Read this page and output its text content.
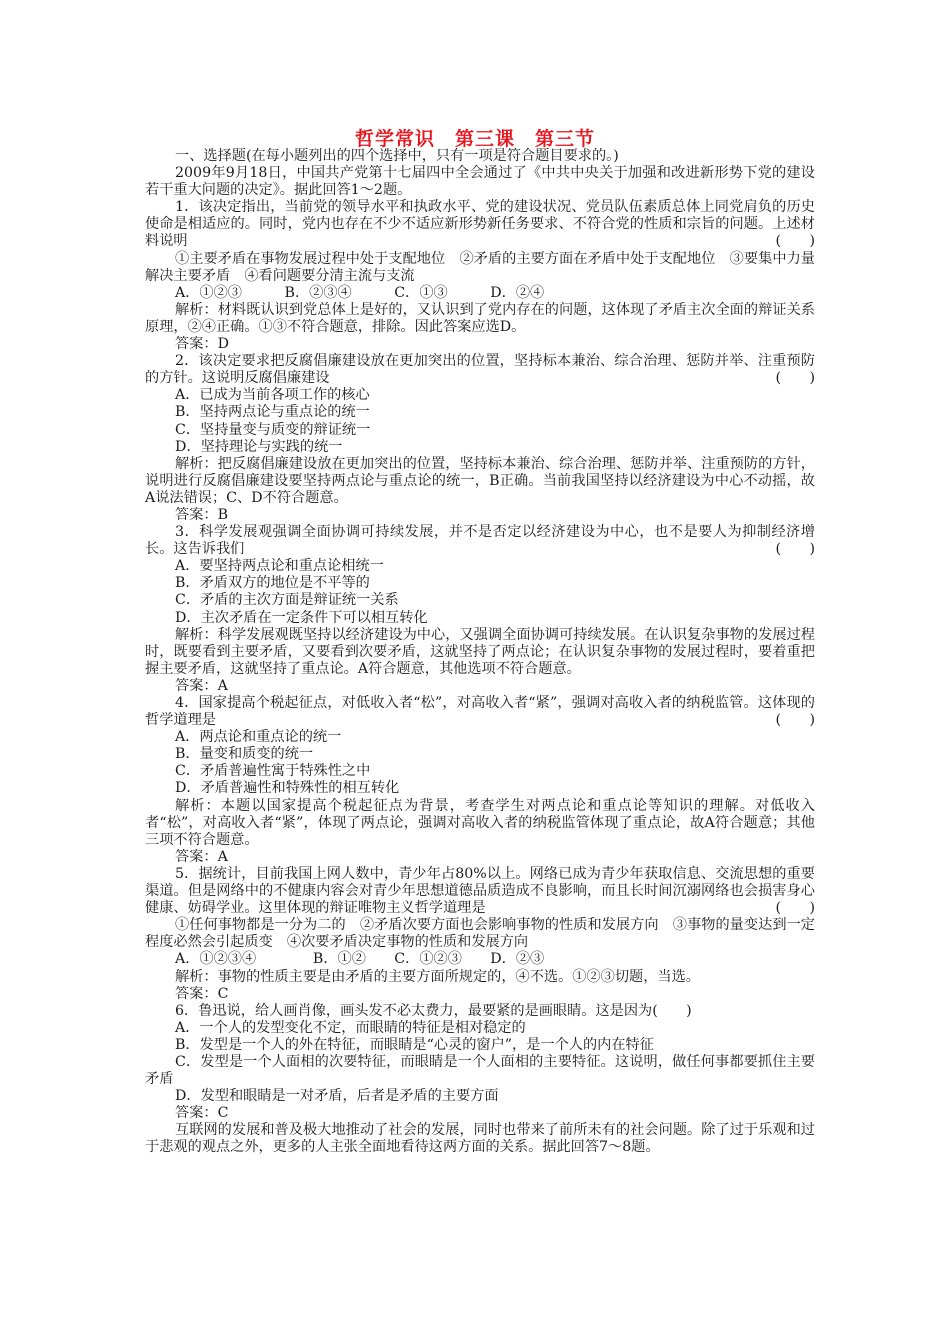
哲学常识　第三课　第三节

一、选择题(在每小题列出的四个选择中，只有一项是符合题目要求的。)

2009年9月18日，中国共产党第十七届四中全会通过了《中共中央关于加强和改进新形势下党的建设若干重大问题的决定》。据此回答1～2题。

1．该决定指出，当前党的领导水平和执政水平、党的建设状况、党员队伍素质总体上同党肩负的历史使命是相适应的。同时，党内也存在不少不适应新形势新任务要求、不符合党的性质和宗旨的问题。上述材料说明	(　　)

①主要矛盾在事物发展过程中处于支配地位　②矛盾的主要方面在矛盾中处于支配地位　③要集中力量解决主要矛盾　④看问题要分清主流与支流

A．①②③　　　B．②③④　　　C．①③　　　D．②④

解析：材料既认识到党总体上是好的，又认识到了党内存在的问题，这体现了矛盾主次全面的辩证关系原理，②④正确。①③不符合题意，排除。因此答案应选D。

答案：D

2．该决定要求把反腐倡廉建设放在更加突出的位置，坚持标本兼治、综合治理、惩防并举、注重预防的方针。这说明反腐倡廉建设	(　　)

A．已成为当前各项工作的核心

B．坚持两点论与重点论的统一

C．坚持量变与质变的辩证统一

D．坚持理论与实践的统一

解析：把反腐倡廉建设放在更加突出的位置，坚持标本兼治、综合治理、惩防并举、注重预防的方针，说明进行反腐倡廉建设要坚持两点论与重点论的统一，B正确。当前我国坚持以经济建设为中心不动摇，故A说法错误；C、D不符合题意。

答案：B

3．科学发展观强调全面协调可持续发展，并不是否定以经济建设为中心，也不是要人为抑制经济增长。这告诉我们	(　　)

A．要坚持两点论和重点论相统一

B．矛盾双方的地位是不平等的

C．矛盾的主次方面是辩证统一关系

D．主次矛盾在一定条件下可以相互转化

解析：科学发展观既坚持以经济建设为中心，又强调全面协调可持续发展。在认识复杂事物的发展过程时，既要看到主要矛盾，又要看到次要矛盾，这就坚持了两点论；在认识复杂事物的发展过程时，要着重把握主要矛盾，这就坚持了重点论。A符合题意，其他选项不符合题意。

答案：A

4．国家提高个税起征点，对低收入者“松”，对高收入者“紧”，强调对高收入者的纳税监管。这体现的哲学道理是	(　　)

A．两点论和重点论的统一

B．量变和质变的统一

C．矛盾普遍性寓于特殊性之中

D．矛盾普遍性和特殊性的相互转化

解析：本题以国家提高个税起征点为背景，考查学生对两点论和重点论等知识的理解。对低收入者“松”，对高收入者“紧”，体现了两点论，强调对高收入者的纳税监管体现了重点论，故A符合题意；其他三项不符合题意。

答案：A

5．据统计，目前我国上网人数中，青少年占80%以上。网络已成为青少年获取信息、交流思想的重要渠道。但是网络中的不健康内容会对青少年思想道德品质造成不良影响，而且长时间沉溺网络也会损害身心健康、妨碍学业。这里体现的辩证唯物主义哲学道理是	(　　)

①任何事物都是一分为二的　②矛盾次要方面也会影响事物的性质和发展方向　③事物的量变达到一定程度必然会引起质变　④次要矛盾决定事物的性质和发展方向

A．①②③④　　　　B．①②　　C．①②③　　D．②③

解析：事物的性质主要是由矛盾的主要方面所规定的，④不选。①②③切题，当选。

答案：C

6．鲁迅说，给人画肖像，画头发不必太费力，最要紧的是画眼睛。这是因为(　　)

A．一个人的发型变化不定，而眼睛的特征是相对稳定的

B．发型是一个人的外在特征，而眼睛是“心灵的窗户”，是一个人的内在特征

C．发型是一个人面相的次要特征，而眼睛是一个人面相的主要特征。这说明，做任何事都要抓住主要矛盾

D．发型和眼睛是一对矛盾，后者是矛盾的主要方面

答案：C

互联网的发展和普及极大地推动了社会的发展，同时也带来了前所未有的社会问题。除了过于乐观和过于悲观的观点之外，更多的人主张全面地看待这两方面的关系。据此回答7～8题。
